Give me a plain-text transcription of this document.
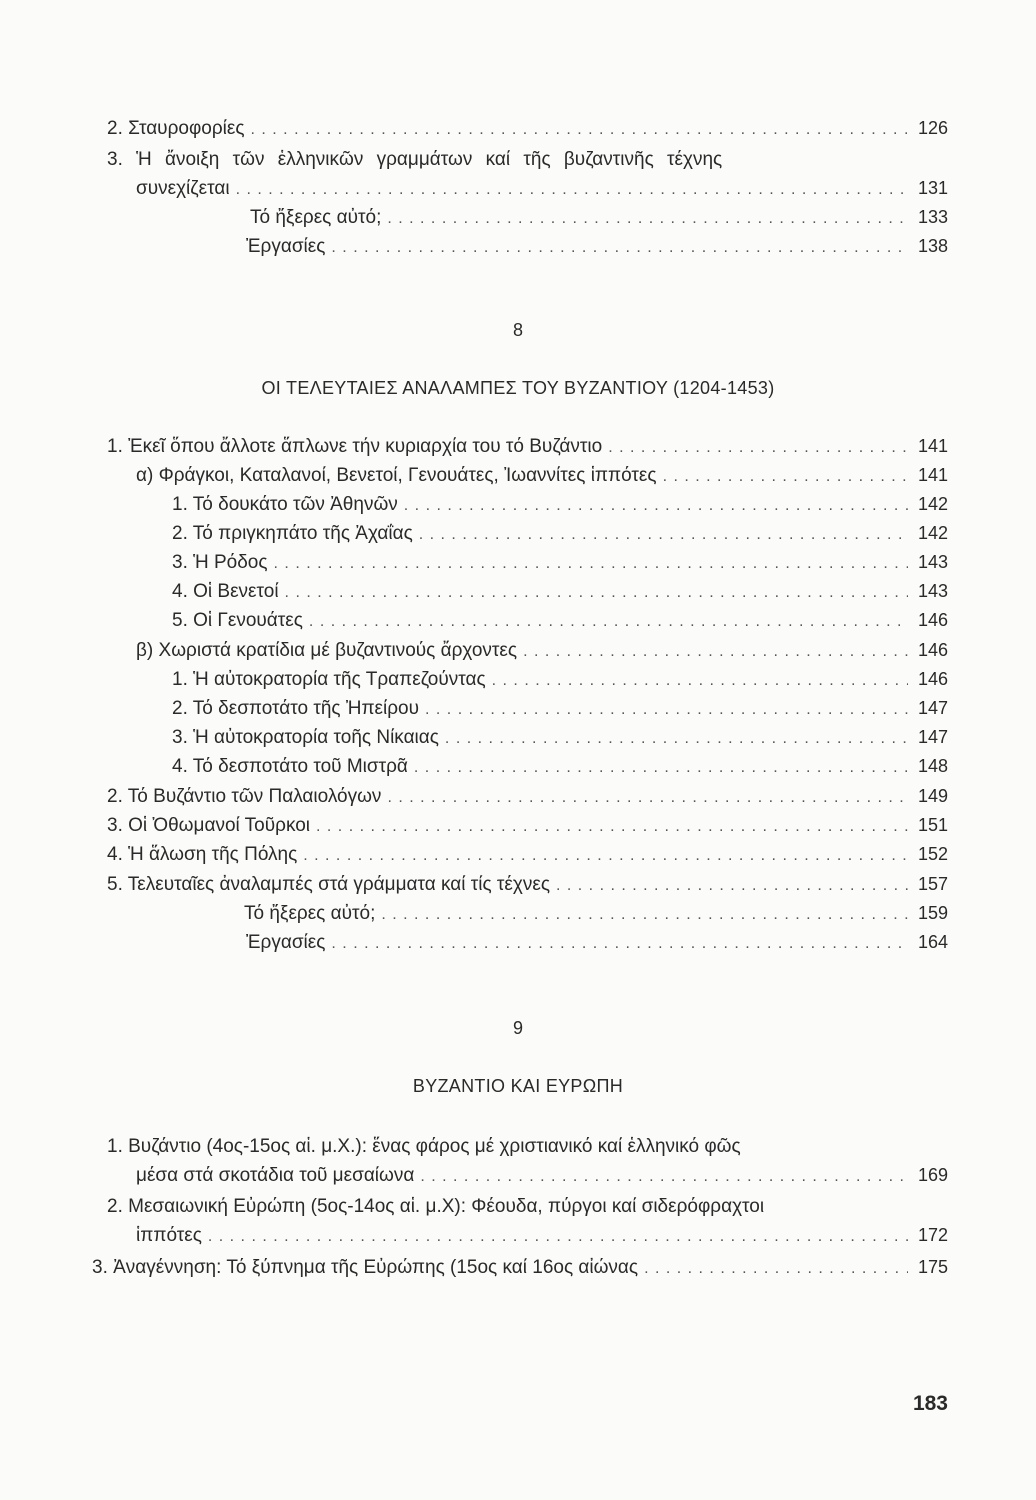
2. Σταυροφορίες . . .	126
3. Ἡ ἄνοιξη τῶν ἑλληνικῶν γραμμάτων καί τῆς βυζαντινῆς τέχνης
συνεχίζεται . . .	131
Τό ἤξερες αὐτό; . . .	133
Ἐργασίες . . .	138
8
ΟΙ ΤΕΛΕΥΤΑΙΕΣ ΑΝΑΛΑΜΠΕΣ ΤΟΥ ΒΥΖΑΝΤΙΟΥ (1204-1453)
1. Ἐκεῖ ὅπου ἄλλοτε ἅπλωνε τήν κυριαρχία του τό Βυζάντιο . . .	141
α) Φράγκοι, Καταλανοί, Βενετοί, Γενουάτες, Ἰωαννίτες ἱππότες . . .	141
1. Τό δουκάτο τῶν Ἀθηνῶν . . .	142
2. Τό πριγκηπάτο τῆς Ἀχαΐας . . .	142
3. Ἡ Ρόδος . . .	143
4. Οἱ Βενετοί . . .	143
5. Οἱ Γενουάτες . . .	146
β) Χωριστά κρατίδια μέ βυζαντινούς ἄρχοντες . . .	146
1. Ἡ αὐτοκρατορία τῆς Τραπεζούντας . . .	146
2. Τό δεσποτάτο τῆς Ἠπείρου . . .	147
3. Ἡ αὐτοκρατορία τοῆς Νίκαιας . . .	147
4. Τό δεσποτάτο τοῦ Μιστρᾶ . . .	148
2. Τό Βυζάντιο τῶν Παλαιολόγων . . .	149
3. Οἱ Ὀθωμανοί Τοῦρκοι . . .	151
4. Ἡ ἅλωση τῆς Πόλης . . .	152
5. Τελευταῖες ἀναλαμπές στά γράμματα καί τίς τέχνες . . .	157
Τό ἤξερες αὐτό; . . .	159
Ἐργασίες . . .	164
9
ΒΥΖΑΝΤΙΟ ΚΑΙ ΕΥΡΩΠΗ
1. Βυζάντιο (4ος-15ος αἱ. μ.Χ.): ἕνας φάρος μέ χριστιανικό καί ἑλληνικό φῶς
μέσα στά σκοτάδια τοῦ μεσαίωνα . . .	169
2. Μεσαιωνική Εὐρώπη (5ος-14ος αἱ. μ.Χ): Φέουδα, πύργοι καί σιδερόφραχτοι
ἱππότες . . .	172
3. Ἀναγέννηση: Τό ξύπνημα τῆς Εὐρώπης (15ος καί 16ος αἰώνας . . .	175
183
